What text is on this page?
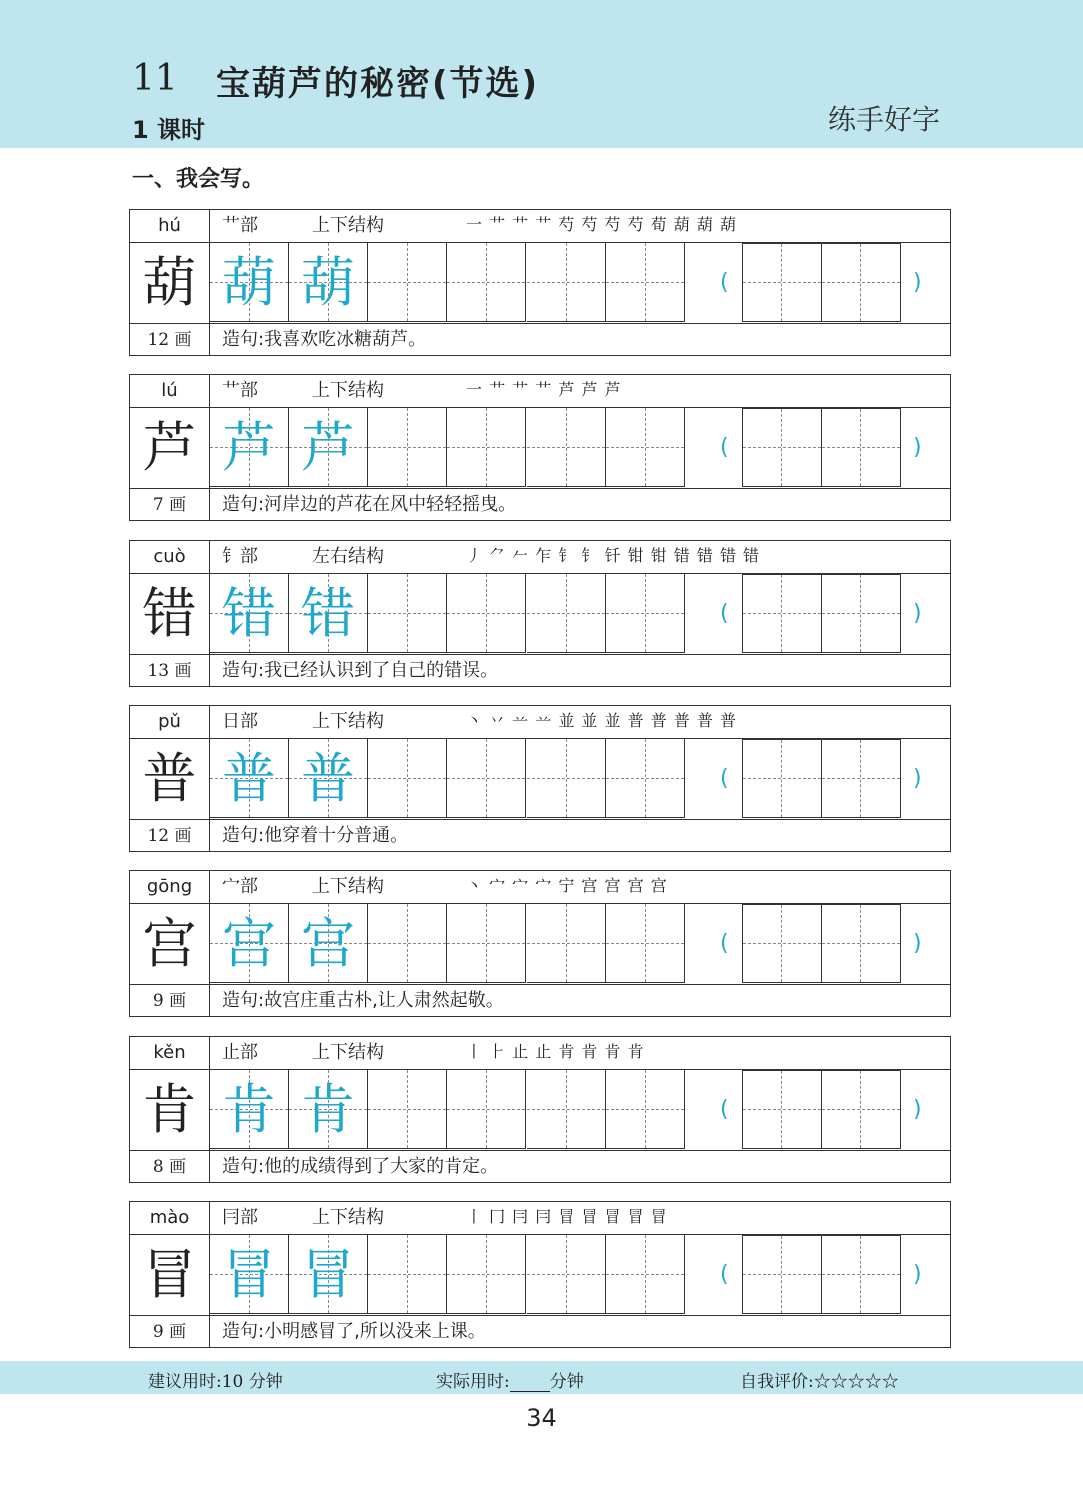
11 宝葫芦的秘密(节选)
1 课时	练手好字
一、我会写。
hú	艹部	上下结构	一 艹 艹 艹 芍 芍 芍 芍 荀 葫 葫 葫
葫 葫 葫	(	)
12 画	造句:我喜欢吃冰糖葫芦。
lú	艹部	上下结构	一 艹 艹 艹 芦 芦 芦
芦 芦 芦	(	)
7 画	造句:河岸边的芦花在风中轻轻摇曳。
cuò	钅部	左右结构	丿 ⺈ 𠂉 乍 钅 钅 钎 钳 钳 错 错 错 错
错 错 错	(	)
13 画	造句:我已经认识到了自己的错误。
pǔ	日部	上下结构	丶 丷 䒑 䒑 並 並 並 普 普 普 普 普
普 普 普	(	)
12 画	造句:他穿着十分普通。
gōng	宀部	上下结构	丶 宀 宀 宀 宁 宫 宫 宫 宫
宫 宫 宫	(	)
9 画	造句:故宫庄重古朴,让人肃然起敬。
kěn	止部	上下结构	丨 ⺊ 止 止 肯 肯 肯 肯
肯 肯 肯	(	)
8 画	造句:他的成绩得到了大家的肯定。
mào	冃部	上下结构	丨 冂 冃 冃 冒 冒 冒 冒 冒
冒 冒 冒	(	)
9 画	造句:小明感冒了,所以没来上课。
建议用时:10 分钟	实际用时: 分钟	自我评价:☆☆☆☆☆
34
